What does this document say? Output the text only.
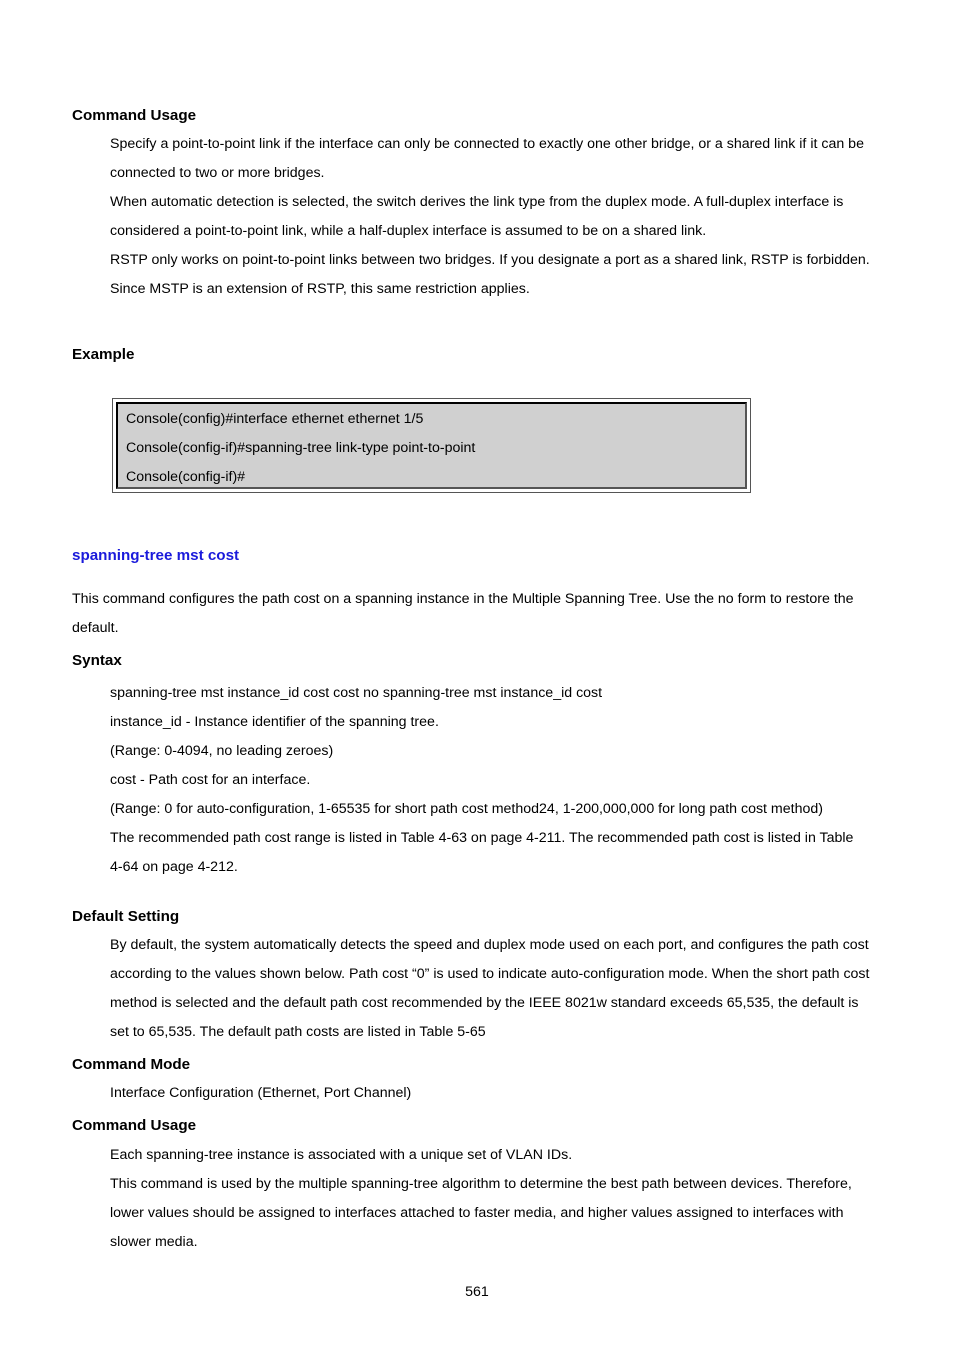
Command Usage
Specify a point-to-point link if the interface can only be connected to exactly one other bridge, or a shared link if it can be
connected to two or more bridges.
When automatic detection is selected, the switch derives the link type from the duplex mode. A full-duplex interface is
considered a point-to-point link, while a half-duplex interface is assumed to be on a shared link.
RSTP only works on point-to-point links between two bridges. If you designate a port as a shared link, RSTP is forbidden.
Since MSTP is an extension of RSTP, this same restriction applies.
Example
Console(config)#interface ethernet ethernet 1/5
Console(config-if)#spanning-tree link-type point-to-point
Console(config-if)#
spanning-tree mst cost
This command configures the path cost on a spanning instance in the Multiple Spanning Tree. Use the no form to restore the
default.
Syntax
spanning-tree mst instance_id cost cost no spanning-tree mst instance_id cost
instance_id - Instance identifier of the spanning tree.
(Range: 0-4094, no leading zeroes)
cost - Path cost for an interface.
(Range: 0 for auto-configuration, 1-65535 for short path cost method24, 1-200,000,000 for long path cost method)
The recommended path cost range is listed in Table 4-63 on page 4-211. The recommended path cost is listed in Table
4-64 on page 4-212.
Default Setting
By default, the system automatically detects the speed and duplex mode used on each port, and configures the path cost
according to the values shown below. Path cost “0” is used to indicate auto-configuration mode. When the short path cost
method is selected and the default path cost recommended by the IEEE 8021w standard exceeds 65,535, the default is
set to 65,535. The default path costs are listed in Table 5-65
Command Mode
Interface Configuration (Ethernet, Port Channel)
Command Usage
Each spanning-tree instance is associated with a unique set of VLAN IDs.
This command is used by the multiple spanning-tree algorithm to determine the best path between devices. Therefore,
lower values should be assigned to interfaces attached to faster media, and higher values assigned to interfaces with
slower media.
561
